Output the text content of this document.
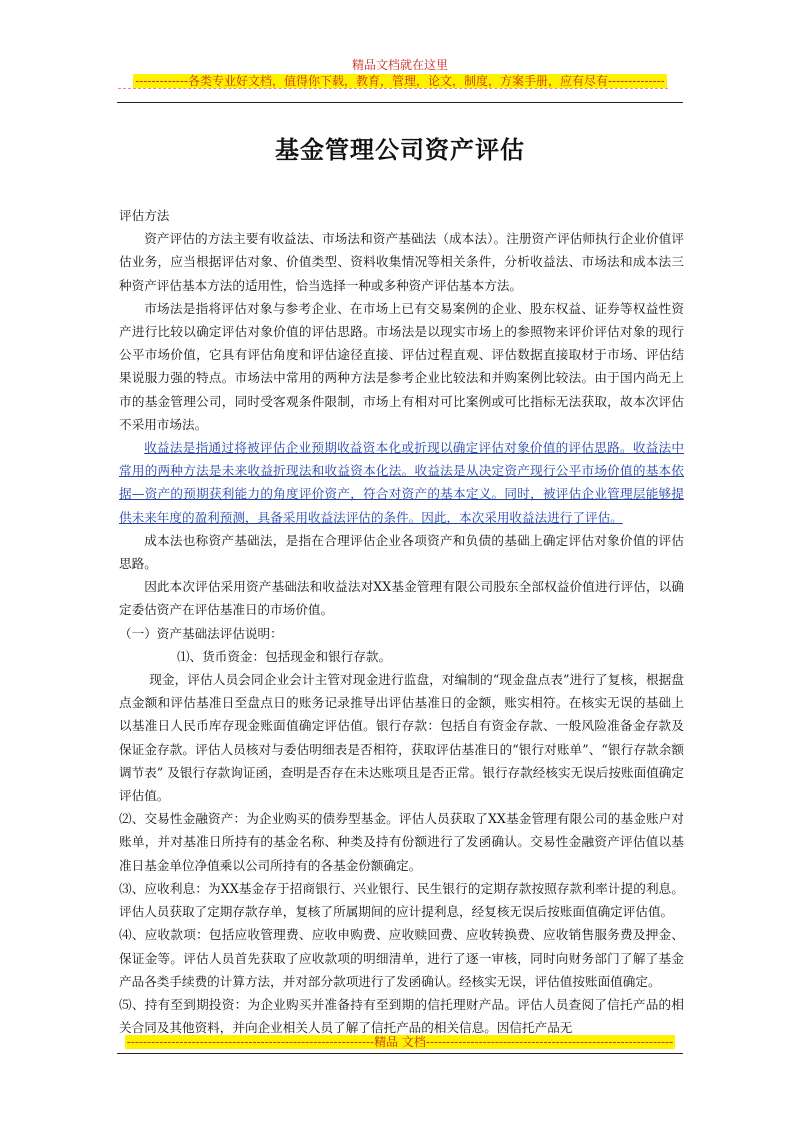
精品文档就在这里
-------------各类专业好文档，值得你下载，教育，管理，论文，制度，方案手册，应有尽有--------------
基金管理公司资产评估

评估方法

资产评估的方法主要有收益法、市场法和资产基础法（成本法）。注册资产评估师执行企业价值评估业务，应当根据评估对象、价值类型、资料收集情况等相关条件，分析收益法、市场法和成本法三种资产评估基本方法的适用性，恰当选择一种或多种资产评估基本方法。

市场法是指将评估对象与参考企业、在市场上已有交易案例的企业、股东权益、证券等权益性资产进行比较以确定评估对象价值的评估思路。市场法是以现实市场上的参照物来评价评估对象的现行公平市场价值，它具有评估角度和评估途径直接、评估过程直观、评估数据直接取材于市场、评估结果说服力强的特点。市场法中常用的两种方法是参考企业比较法和并购案例比较法。由于国内尚无上市的基金管理公司，同时受客观条件限制，市场上有相对可比案例或可比指标无法获取，故本次评估不采用市场法。

收益法是指通过将被评估企业预期收益资本化或折现以确定评估对象价值的评估思路。收益法中常用的两种方法是未来收益折现法和收益资本化法。收益法是从决定资产现行公平市场价值的基本依据—资产的预期获利能力的角度评价资产，符合对资产的基本定义。同时，被评估企业管理层能够提供未来年度的盈利预测，具备采用收益法评估的条件。因此，本次采用收益法进行了评估。

成本法也称资产基础法，是指在合理评估企业各项资产和负债的基础上确定评估对象价值的评估思路。

因此本次评估采用资产基础法和收益法对XX基金管理有限公司股东全部权益价值进行评估，以确定委估资产在评估基准日的市场价值。

（一）资产基础法评估说明：

⑴、货币资金：包括现金和银行存款。

现金，评估人员会同企业会计主管对现金进行监盘，对编制的“现金盘点表”进行了复核，根据盘点金额和评估基准日至盘点日的账务记录推导出评估基准日的金额，账实相符。在核实无误的基础上以基准日人民币库存现金账面值确定评估值。银行存款：包括自有资金存款、一般风险准备金存款及保证金存款。评估人员核对与委估明细表是否相符，获取评估基准日的“银行对账单”、“银行存款余额调节表” 及银行存款询证函，查明是否存在未达账项且是否正常。银行存款经核实无误后按账面值确定评估值。

⑵、交易性金融资产：为企业购买的债券型基金。评估人员获取了XX基金管理有限公司的基金账户对账单，并对基准日所持有的基金名称、种类及持有份额进行了发函确认。交易性金融资产评估值以基准日基金单位净值乘以公司所持有的各基金份额确定。

⑶、应收利息：为XX基金存于招商银行、兴业银行、民生银行的定期存款按照存款利率计提的利息。评估人员获取了定期存款存单，复核了所属期间的应计提利息，经复核无误后按账面值确定评估值。

⑷、应收款项：包括应收管理费、应收申购费、应收赎回费、应收转换费、应收销售服务费及押金、保证金等。评估人员首先获取了应收款项的明细清单，进行了逐一审核，同时向财务部门了解了基金产品各类手续费的计算方法，并对部分款项进行了发函确认。经核实无误，评估值按账面值确定。

⑸、持有至到期投资：为企业购买并准备持有至到期的信托理财产品。评估人员查阅了信托产品的相关合同及其他资料，并向企业相关人员了解了信托产品的相关信息。因信托产品无

-------------------------------------------------------------精品 文档-------------------------------------------------------------
